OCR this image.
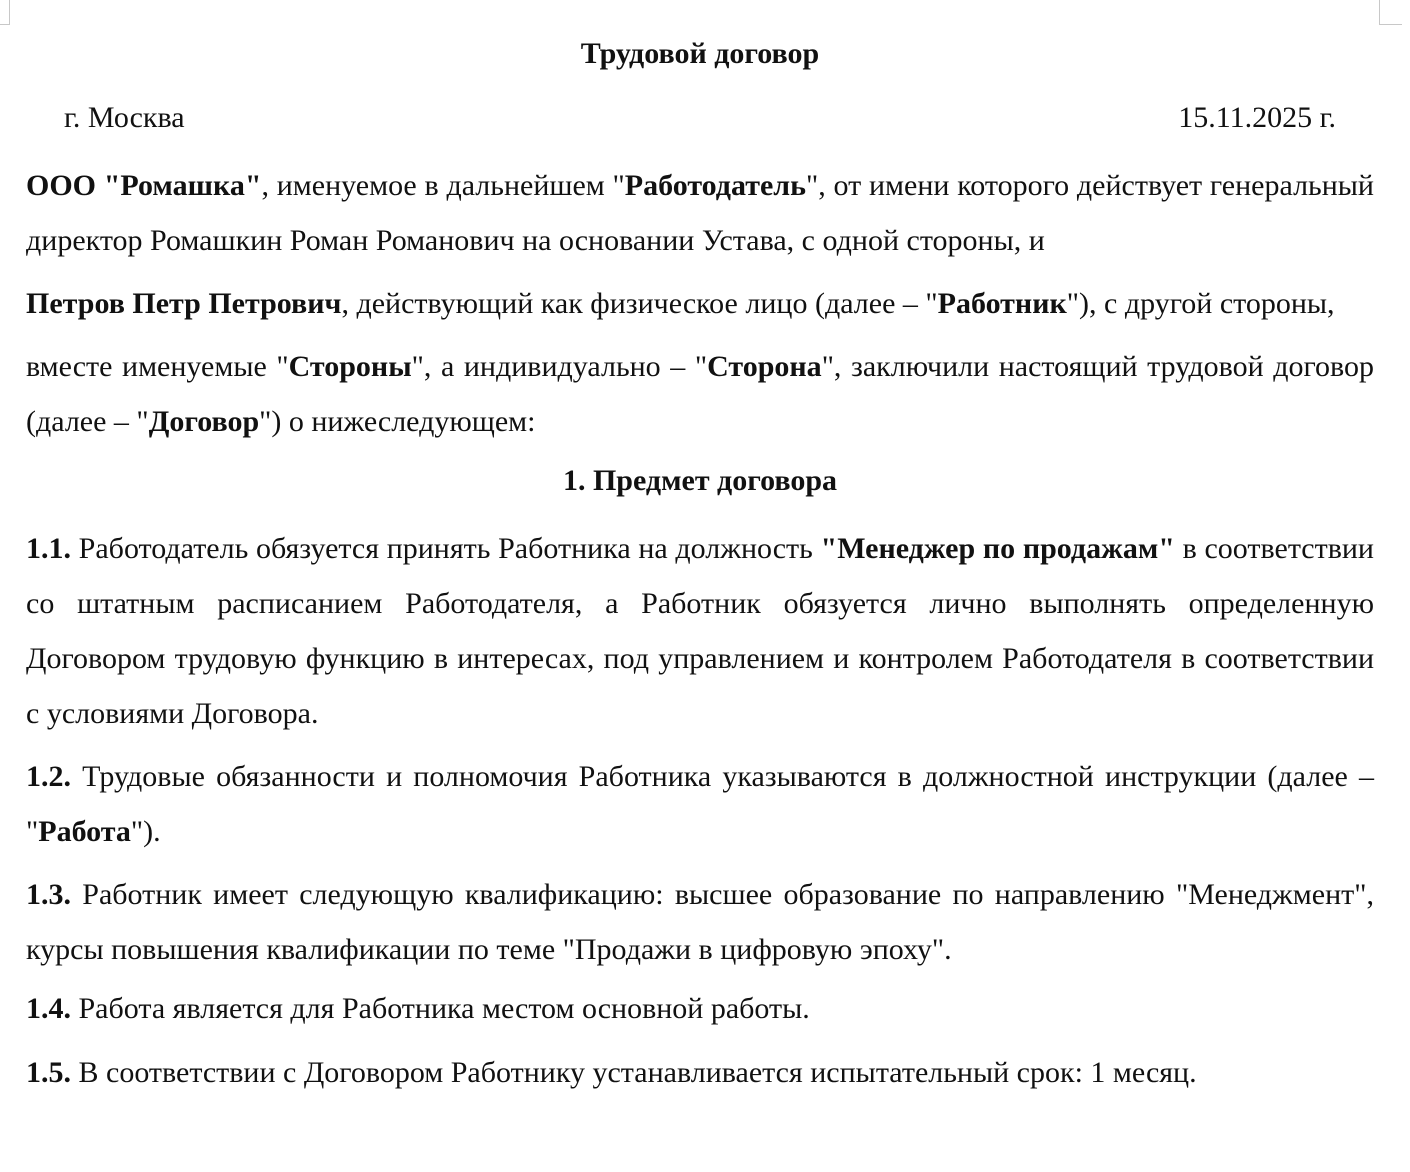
Трудовой договор
г. Москва	15.11.2025 г.

ООО "Ромашка", именуемое в дальнейшем "Работодатель", от имени которого действует генеральный директор Ромашкин Роман Романович на основании Устава, с одной стороны, и

Петров Петр Петрович, действующий как физическое лицо (далее – "Работник"), с другой стороны,

вместе именуемые "Стороны", а индивидуально – "Сторона", заключили настоящий трудовой договор (далее – "Договор") о нижеследующем:

1. Предмет договора

1.1. Работодатель обязуется принять Работника на должность "Менеджер по продажам" в соответствии со штатным расписанием Работодателя, а Работник обязуется лично выполнять определенную Договором трудовую функцию в интересах, под управлением и контролем Работодателя в соответствии с условиями Договора.

1.2. Трудовые обязанности и полномочия Работника указываются в должностной инструкции (далее – "Работа").

1.3. Работник имеет следующую квалификацию: высшее образование по направлению "Менеджмент", курсы повышения квалификации по теме "Продажи в цифровую эпоху".

1.4. Работа является для Работника местом основной работы.

1.5. В соответствии с Договором Работнику устанавливается испытательный срок: 1 месяц.
